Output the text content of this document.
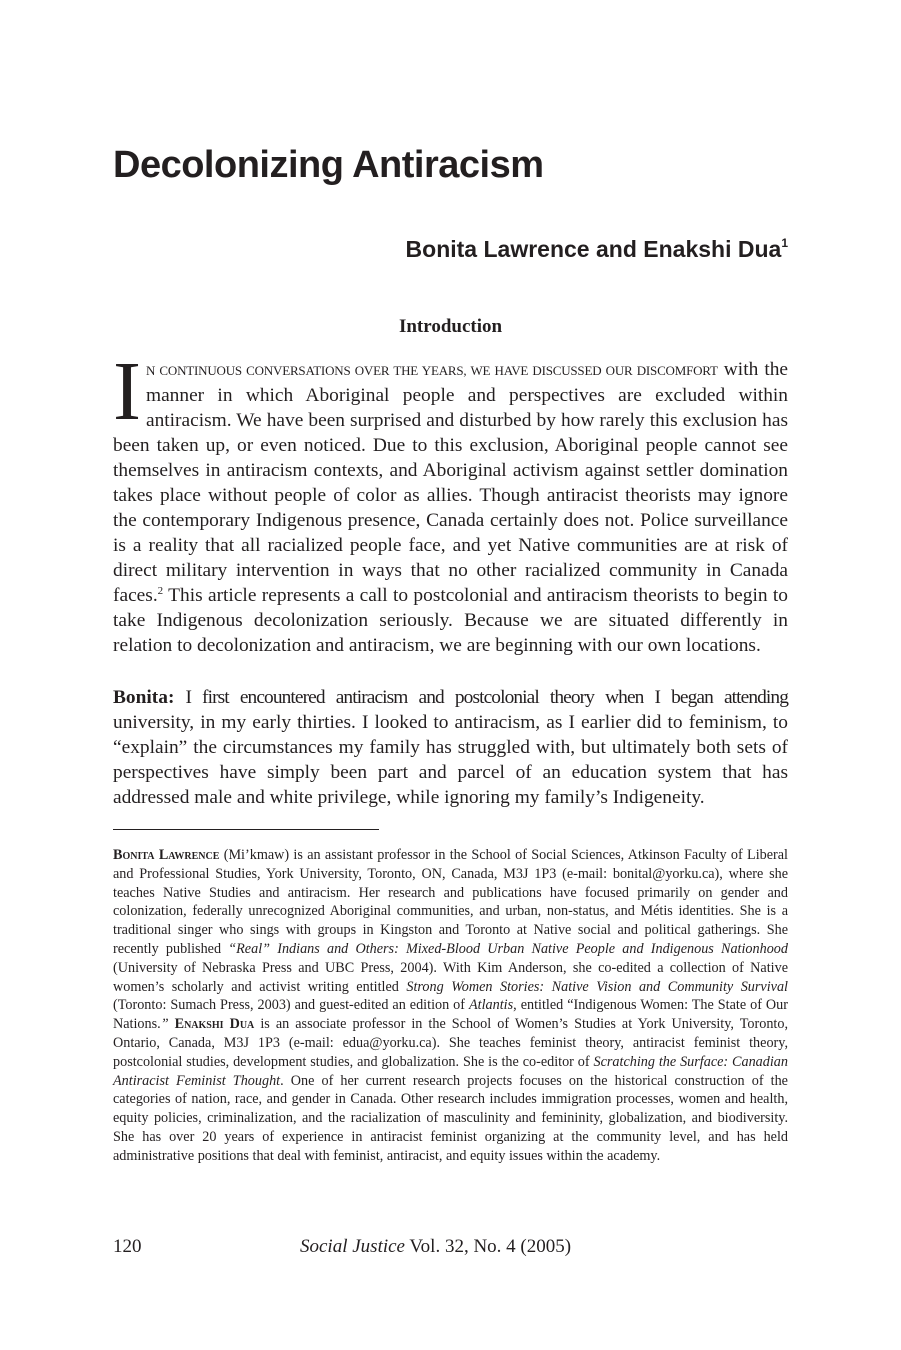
Decolonizing Antiracism
Bonita Lawrence and Enakshi Dua$^1$
Introduction

I N CONTINUOUS CONVERSATIONS OVER THE YEARS, WE HAVE DISCUSSED OUR DISCOMFORT with the manner in which Aboriginal people and perspectives are excluded within antiracism. We have been surprised and disturbed by how rarely this exclusion has been taken up, or even noticed. Due to this exclusion, Aboriginal people cannot see themselves in antiracism contexts, and Aboriginal activism against settler domination takes place without people of color as allies. Though antiracist theorists may ignore the contemporary Indigenous presence, Canada certainly does not. Police surveillance is a reality that all racialized people face, and yet Native communities are at risk of direct military intervention in ways that no other racialized community in Canada faces.$^2$ This article represents a call to postcolonial and antiracism theorists to begin to take Indigenous decolonization seriously. Because we are situated differently in relation to decolonization and antiracism, we are beginning with our own locations.

Bonita: I first encountered antiracism and postcolonial theory when I began attending university, in my early thirties. I looked to antiracism, as I earlier did to feminism, to “explain” the circumstances my family has struggled with, but ultimately both sets of perspectives have simply been part and parcel of an education system that has addressed male and white privilege, while ignoring my family’s Indigeneity.

Bonita Lawrence (Mi’kmaw) is an assistant professor in the School of Social Sciences, Atkinson Faculty of Liberal and Professional Studies, York University, Toronto, ON, Canada, M3J 1P3 (e-mail: bonital@yorku.ca), where she teaches Native Studies and antiracism. Her research and publications have focused primarily on gender and colonization, federally unrecognized Aboriginal communities, and urban, non-status, and Métis identities. She is a traditional singer who sings with groups in Kingston and Toronto at Native social and political gatherings. She recently published “Real” Indians and Others: Mixed-Blood Urban Native People and Indigenous Nationhood (University of Nebraska Press and UBC Press, 2004). With Kim Anderson, she co-edited a collection of Native women’s scholarly and activist writing entitled Strong Women Stories: Native Vision and Community Survival (Toronto: Sumach Press, 2003) and guest-edited an edition of Atlantis, entitled “Indigenous Women: The State of Our Nations.” Enakshi Dua is an associate professor in the School of Women’s Studies at York University, Toronto, Ontario, Canada, M3J 1P3 (e-mail: edua@yorku.ca). She teaches feminist theory, antiracist feminist theory, postcolonial studies, development studies, and globalization. She is the co-editor of Scratching the Surface: Canadian Antiracist Feminist Thought. One of her current research projects focuses on the historical construction of the categories of nation, race, and gender in Canada. Other research includes immigration processes, women and health, equity policies, criminalization, and the racialization of masculinity and femininity, globalization, and biodiversity. She has over 20 years of experience in antiracist feminist organizing at the community level, and has held administrative positions that deal with feminist, antiracist, and equity issues within the academy.

120	Social Justice Vol. 32, No. 4 (2005)
